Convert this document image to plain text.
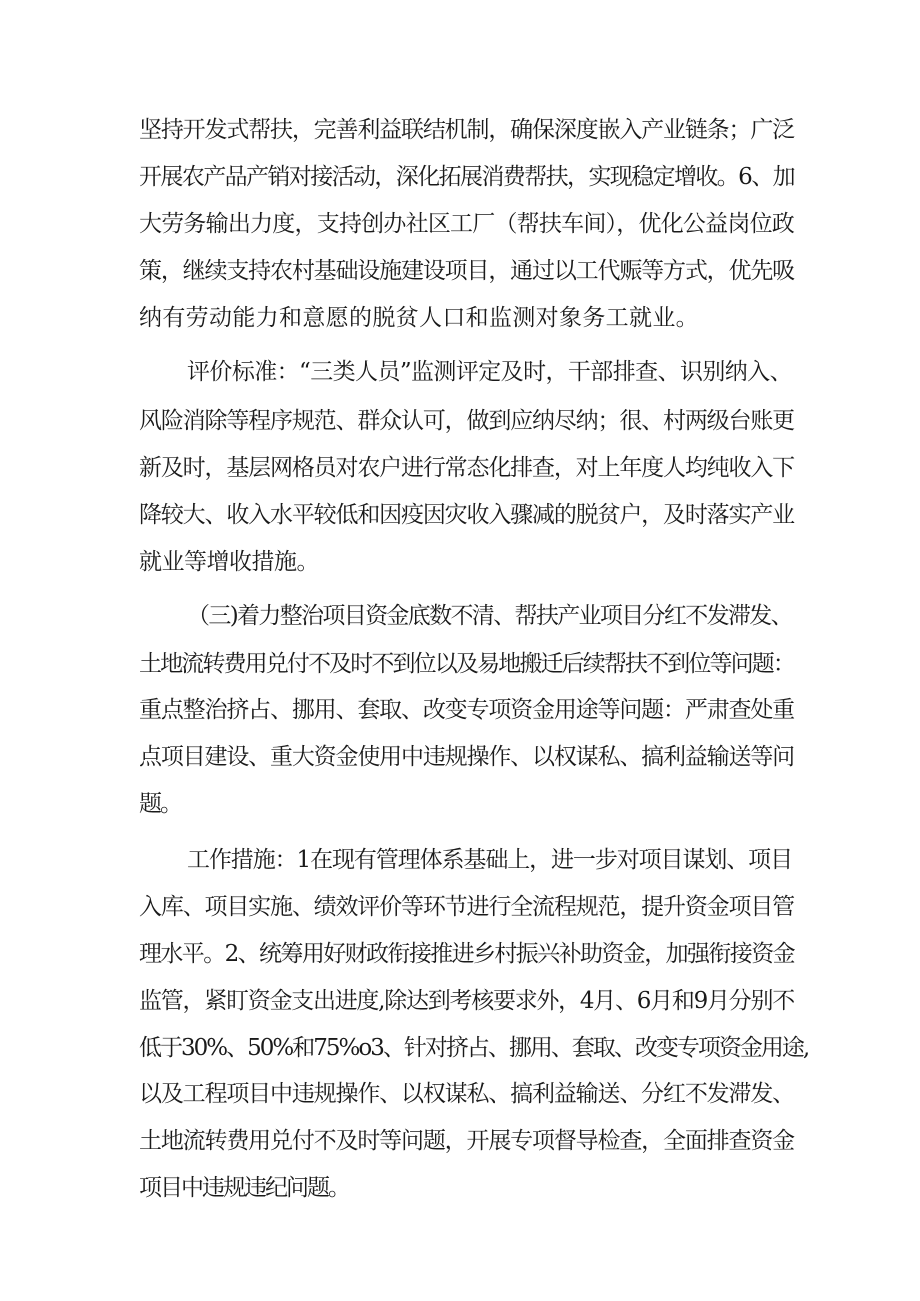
坚持开发式帮扶，完善利益联结机制，确保深度嵌入产业链条；广泛
开展农产品产销对接活动，深化拓展消费帮扶，实现稳定增收。6、加
大劳务输出力度，支持创办社区工厂（帮扶车间），优化公益岗位政
策，继续支持农村基础设施建设项目，通过以工代赈等方式，优先吸
纳有劳动能力和意愿的脱贫人口和监测对象务工就业。
评价标准：“三类人员”监测评定及时，干部排查、识别纳入、
风险消除等程序规范、群众认可，做到应纳尽纳；很、村两级台账更
新及时，基层网格员对农户进行常态化排查，对上年度人均纯收入下
降较大、收入水平较低和因疫因灾收入骤减的脱贫户，及时落实产业
就业等增收措施。
（三)着力整治项目资金底数不清、帮扶产业项目分红不发滞发、
土地流转费用兑付不及时不到位以及易地搬迁后续帮扶不到位等问题：
重点整治挤占、挪用、套取、改变专项资金用途等问题：严肃查处重
点项目建设、重大资金使用中违规操作、以权谋私、搞利益输送等问
题。
工作措施：1在现有管理体系基础上，进一步对项目谋划、项目
入库、项目实施、绩效评价等环节进行全流程规范，提升资金项目管
理水平。2、统筹用好财政衔接推进乡村振兴补助资金，加强衔接资金
监管，紧盯资金支出进度,除达到考核要求外，4月、6月和9月分别不
低于30%、50%和75%o3、针对挤占、挪用、套取、改变专项资金用途,
以及工程项目中违规操作、以权谋私、搞利益输送、分红不发滞发、
土地流转费用兑付不及时等问题，开展专项督导检查，全面排查资金
项目中违规违纪问题。
